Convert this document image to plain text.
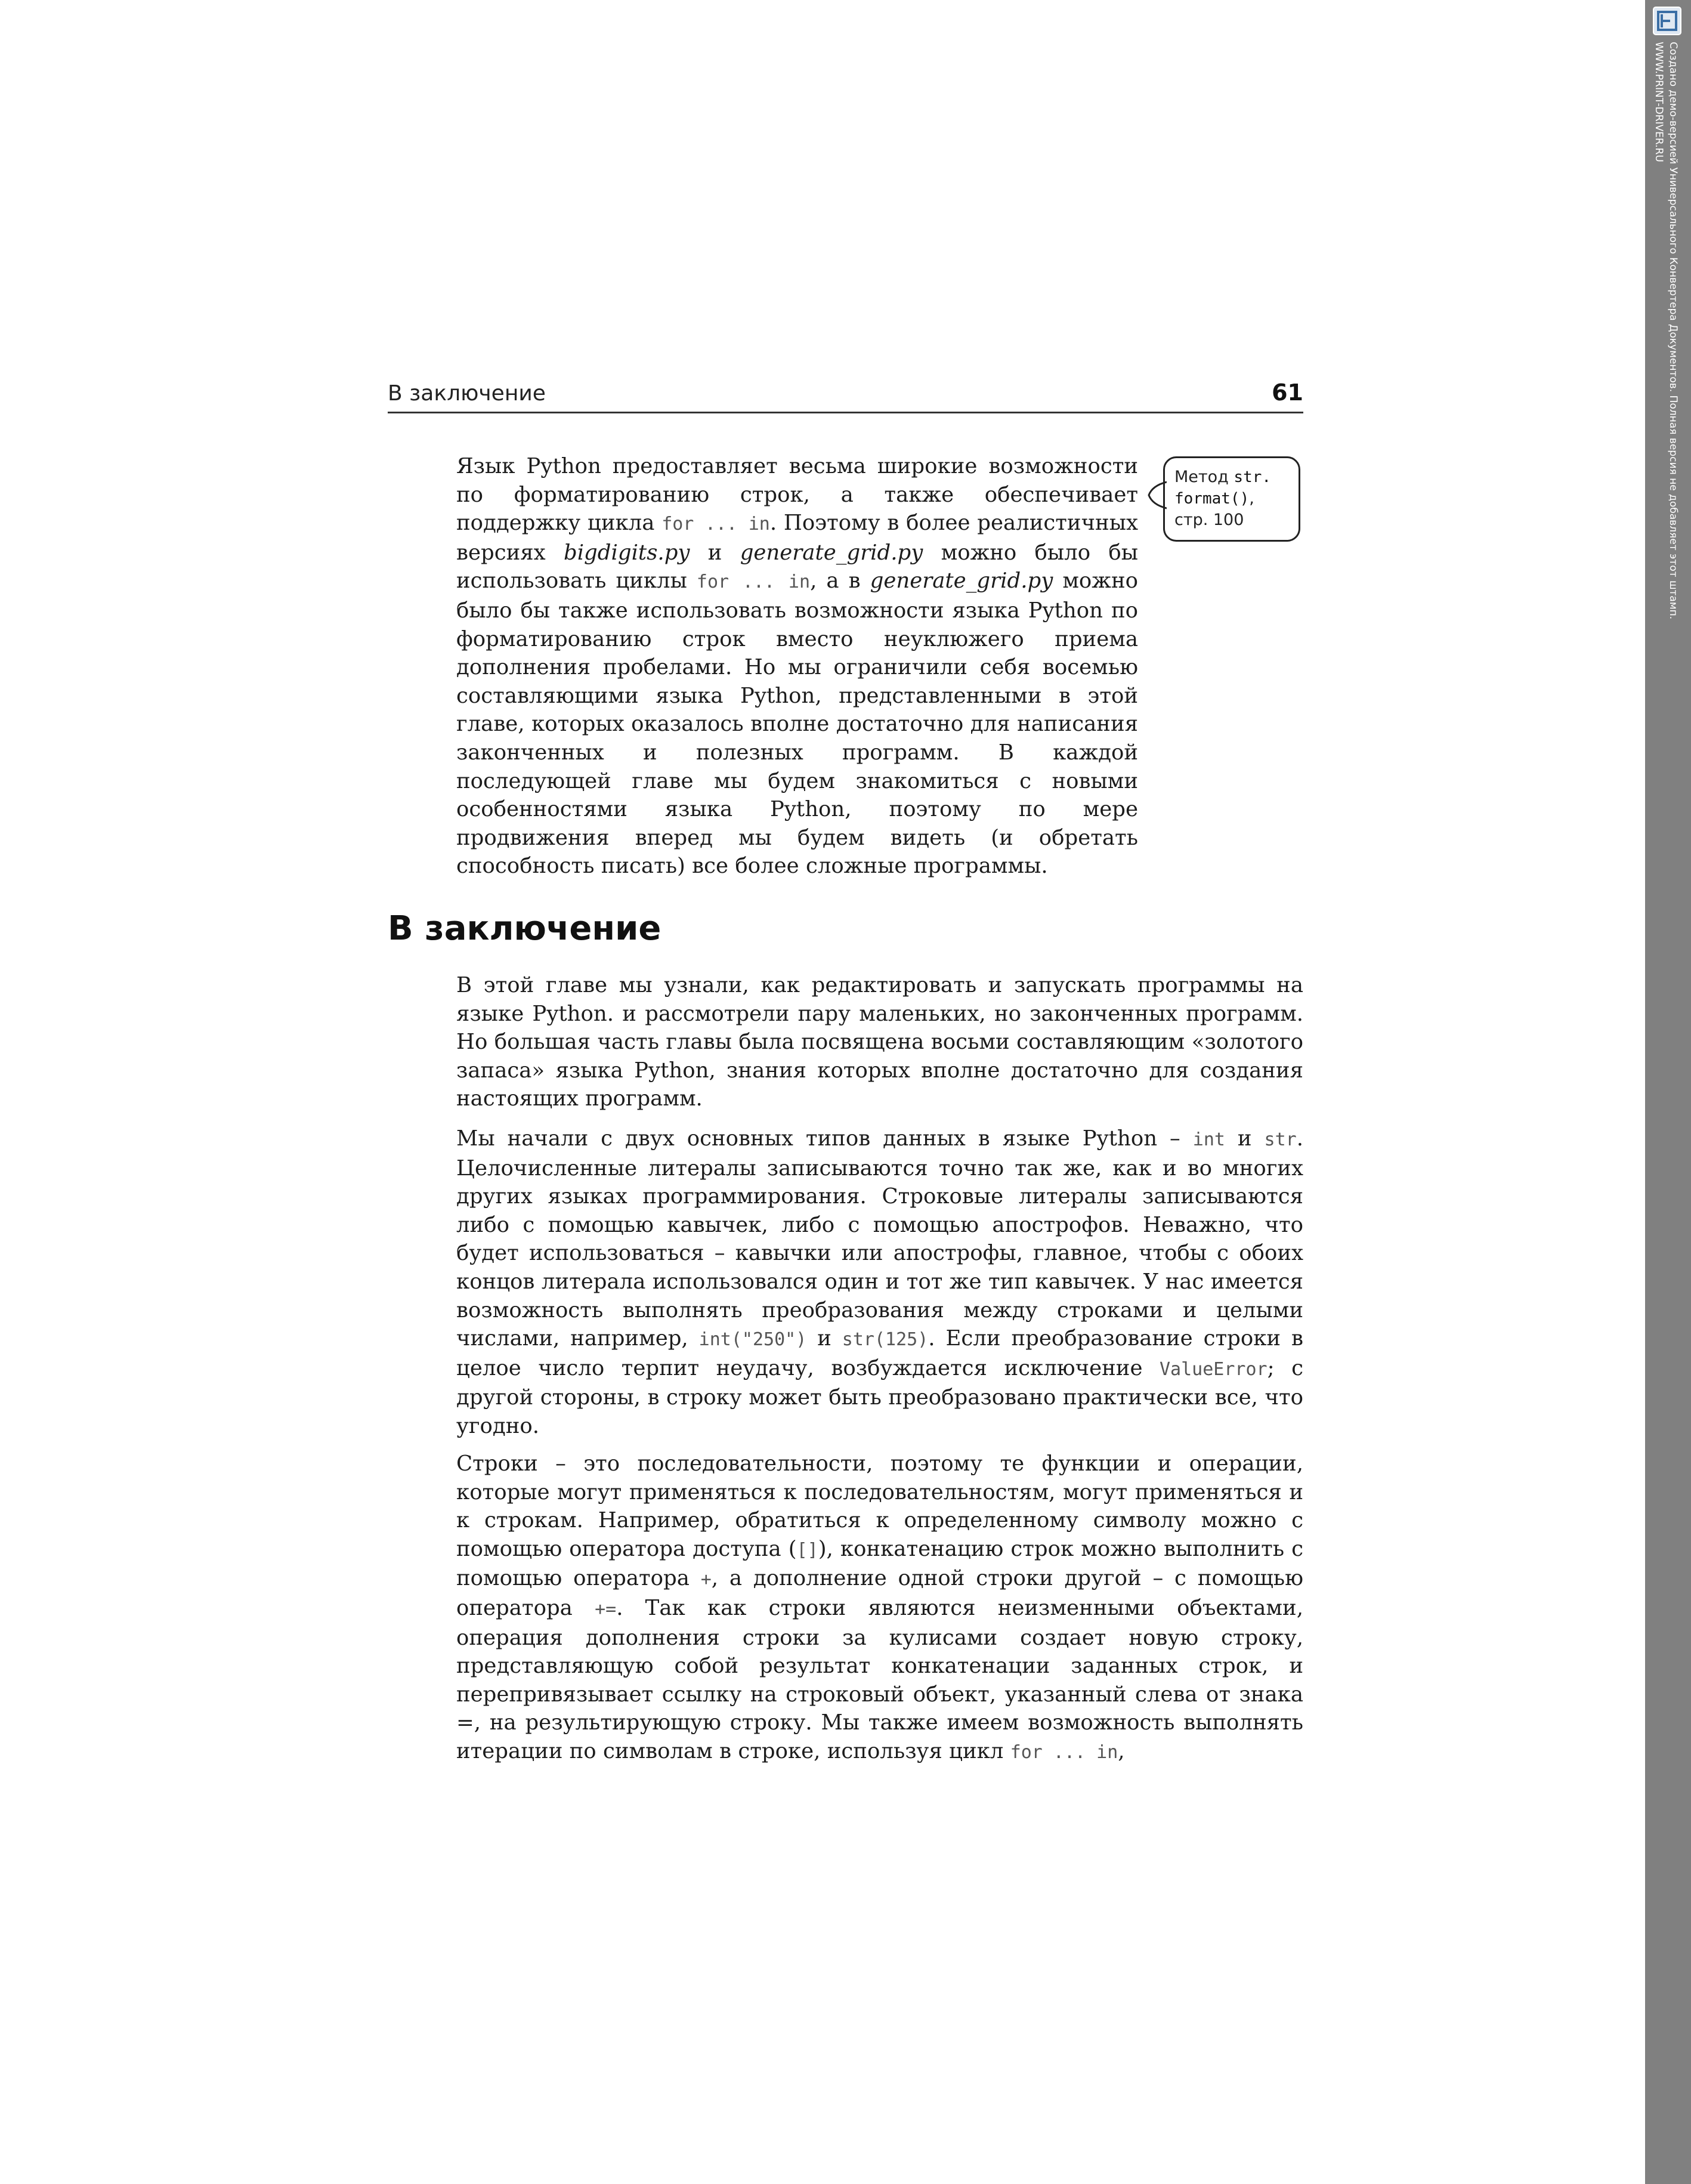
В заключение	61
Язык Python предоставляет весьма широкие возможности по форматированию строк, а также обеспечивает поддержку цикла for ... in. Поэтому в более реалистичных версиях bigdigits.py и generate_grid.py можно было бы использовать циклы for ... in, а в generate_grid.py можно было бы также использовать возможности языка Python по форматированию строк вместо неуклюжего приема дополнения пробелами. Но мы ограничили себя восемью составляющими языка Python, представленными в этой главе, которых оказалось вполне достаточно для написания законченных и полезных программ. В каждой последующей главе мы будем знакомиться с новыми особенностями языка Python, поэтому по мере продвижения вперед мы будем видеть (и обретать способность писать) все более сложные программы.
Метод str.
format(),
стр. 100
В заключение
В этой главе мы узнали, как редактировать и запускать программы на языке Python. и рассмотрели пару маленьких, но законченных программ. Но большая часть главы была посвящена восьми составляющим «золотого запаса» языка Python, знания которых вполне достаточно для создания настоящих программ.
Мы начали с двух основных типов данных в языке Python – int и str. Целочисленные литералы записываются точно так же, как и во многих других языках программирования. Строковые литералы записываются либо с помощью кавычек, либо с помощью апострофов. Неважно, что будет использоваться – кавычки или апострофы, главное, чтобы с обоих концов литерала использовался один и тот же тип кавычек. У нас имеется возможность выполнять преобразования между строками и целыми числами, например, int("250") и str(125). Если преобразование строки в целое число терпит неудачу, возбуждается исключение ValueError; с другой стороны, в строку может быть преобразовано практически все, что угодно.
Строки – это последовательности, поэтому те функции и операции, которые могут применяться к последовательностям, могут применяться и к строкам. Например, обратиться к определенному символу можно с помощью оператора доступа ([]), конкатенацию строк можно выполнить с помощью оператора +, а дополнение одной строки другой – с помощью оператора +=. Так как строки являются неизменными объектами, операция дополнения строки за кулисами создает новую строку, представляющую собой результат конкатенации заданных строк, и перепривязывает ссылку на строковый объект, указанный слева от знака =, на результирующую строку. Мы также имеем возможность выполнять итерации по символам в строке, используя цикл for ... in,
Создано демо-версией Универсального Конвертера Документов. Полная версия не добавляет этот штамп.
WWW.PRINT-DRIVER.RU
